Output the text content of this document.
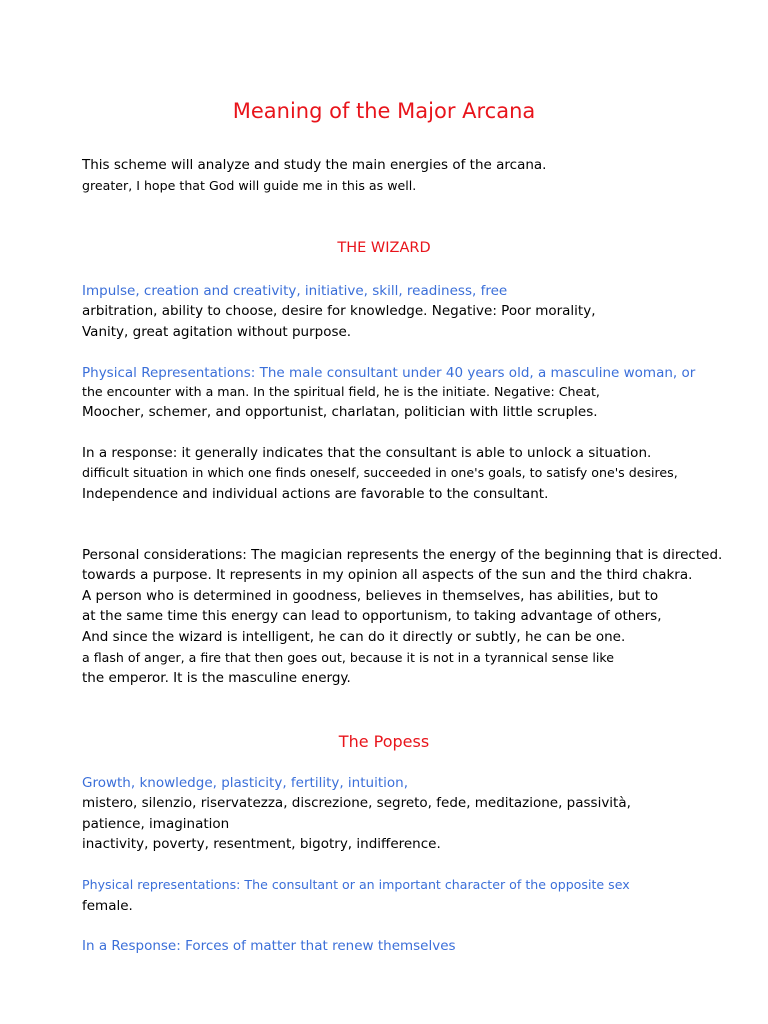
Meaning of the Major Arcana
This scheme will analyze and study the main energies of the arcana.
greater, I hope that God will guide me in this as well.
THE WIZARD
Impulse, creation and creativity, initiative, skill, readiness, free
arbitration, ability to choose, desire for knowledge. Negative: Poor morality,
Vanity, great agitation without purpose.
Physical Representations: The male consultant under 40 years old, a masculine woman, or
the encounter with a man. In the spiritual field, he is the initiate. Negative: Cheat,
Moocher, schemer, and opportunist, charlatan, politician with little scruples.
In a response: it generally indicates that the consultant is able to unlock a situation.
difficult situation in which one finds oneself, succeeded in one's goals, to satisfy one's desires,
Independence and individual actions are favorable to the consultant.
Personal considerations: The magician represents the energy of the beginning that is directed.
towards a purpose. It represents in my opinion all aspects of the sun and the third chakra.
A person who is determined in goodness, believes in themselves, has abilities, but to
at the same time this energy can lead to opportunism, to taking advantage of others,
And since the wizard is intelligent, he can do it directly or subtly, he can be one.
a flash of anger, a fire that then goes out, because it is not in a tyrannical sense like
the emperor. It is the masculine energy.
The Popess
Growth, knowledge, plasticity, fertility, intuition,
mistero, silenzio, riservatezza, discrezione, segreto, fede, meditazione, passività,
patience, imagination
inactivity, poverty, resentment, bigotry, indifference.
Physical representations: The consultant or an important character of the opposite sex
female.
In a Response: Forces of matter that renew themselves
